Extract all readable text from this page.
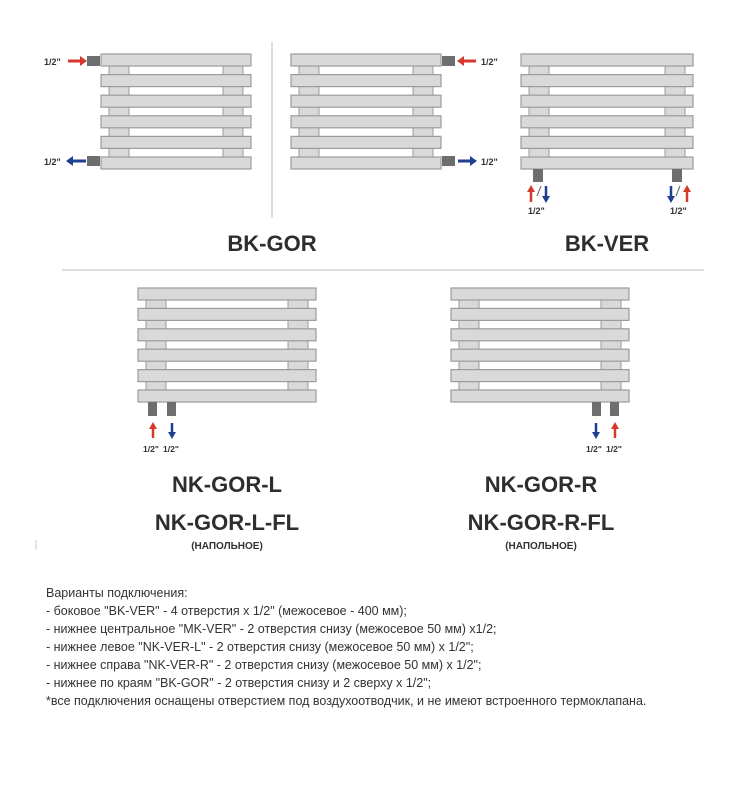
1/2"
1/2"
1/2"
1/2"
1/2"	1/2"
1/2" 1/2"	1/2" 1/2"
BK-GOR	BK-VER
NK-GOR-L
NK-GOR-L-FL
(НАПОЛЬНОЕ)
NK-GOR-R
NK-GOR-R-FL
(НАПОЛЬНОЕ)
Варианты подключения:
- боковое "BK-VER" - 4 отверстия х 1/2" (межосевое - 400 мм);
- нижнее центральное "MK-VER" - 2 отверстия снизу (межосевое 50 мм) х1/2;
- нижнее левое "NK-VER-L" - 2 отверстия снизу (межосевое 50 мм) х 1/2";
- нижнее справа "NK-VER-R" - 2 отверстия снизу (межосевое 50 мм) х 1/2";
- нижнее по краям "BK-GOR" - 2 отверстия снизу и 2 сверху х 1/2";
*все подключения оснащены отверстием под воздухоотводчик, и не имеют встроенного термоклапана.
